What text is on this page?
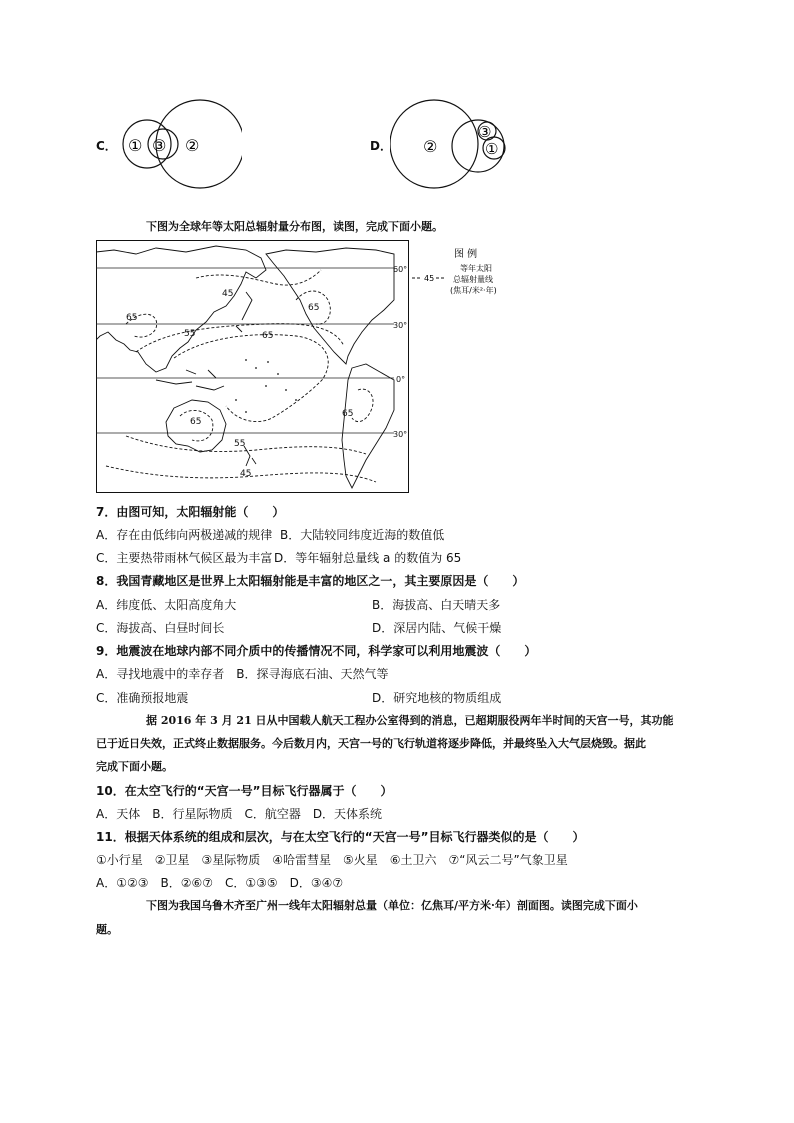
C． ① ③ ②	D． ②
③
①
下图为全球年等太阳总辐射量分布图，读图，完成下面小题。
45
65
55	65
65
65
55
45
65
60°
30°
0°
30°
图 例
45
等年太阳
总辐射量线
(焦耳/米²·年)
7．由图可知，太阳辐射能（　　）
A．存在由低纬向两极递减的规律 B．大陆较同纬度近海的数值低
C．主要热带雨林气候区最为丰富 D．等年辐射总量线 a 的数值为 65
8．我国青藏地区是世界上太阳辐射能是丰富的地区之一，其主要原因是（　　）
A．纬度低、太阳高度角大	B．海拔高、白天晴天多
C．海拔高、白昼时间长	D．深居内陆、气候干燥
9．地震波在地球内部不同介质中的传播情况不同，科学家可以利用地震波（　　）
A．寻找地震中的幸存者　B．探寻海底石油、天然气等
C．准确预报地震	D．研究地核的物质组成
据 2016 年 3 月 21 日从中国载人航天工程办公室得到的消息，已超期服役两年半时间的天宫一号，其功能
已于近日失效，正式终止数据服务。今后数月内，天宫一号的飞行轨道将逐步降低，并最终坠入大气层烧毁。据此
完成下面小题。
10．在太空飞行的“天宫一号”目标飞行器属于（　　）
A．天体　B．行星际物质　C．航空器　D．天体系统
11．根据天体系统的组成和层次，与在太空飞行的“天宫一号”目标飞行器类似的是（　　）
①小行星　②卫星　③星际物质　④哈雷彗星　⑤火星　⑥土卫六　⑦“风云二号”气象卫星
A．①②③　B．②⑥⑦　C．①③⑤　D．③④⑦
下图为我国乌鲁木齐至广州一线年太阳辐射总量（单位：亿焦耳/平方米·年）剖面图。读图完成下面小
题。
